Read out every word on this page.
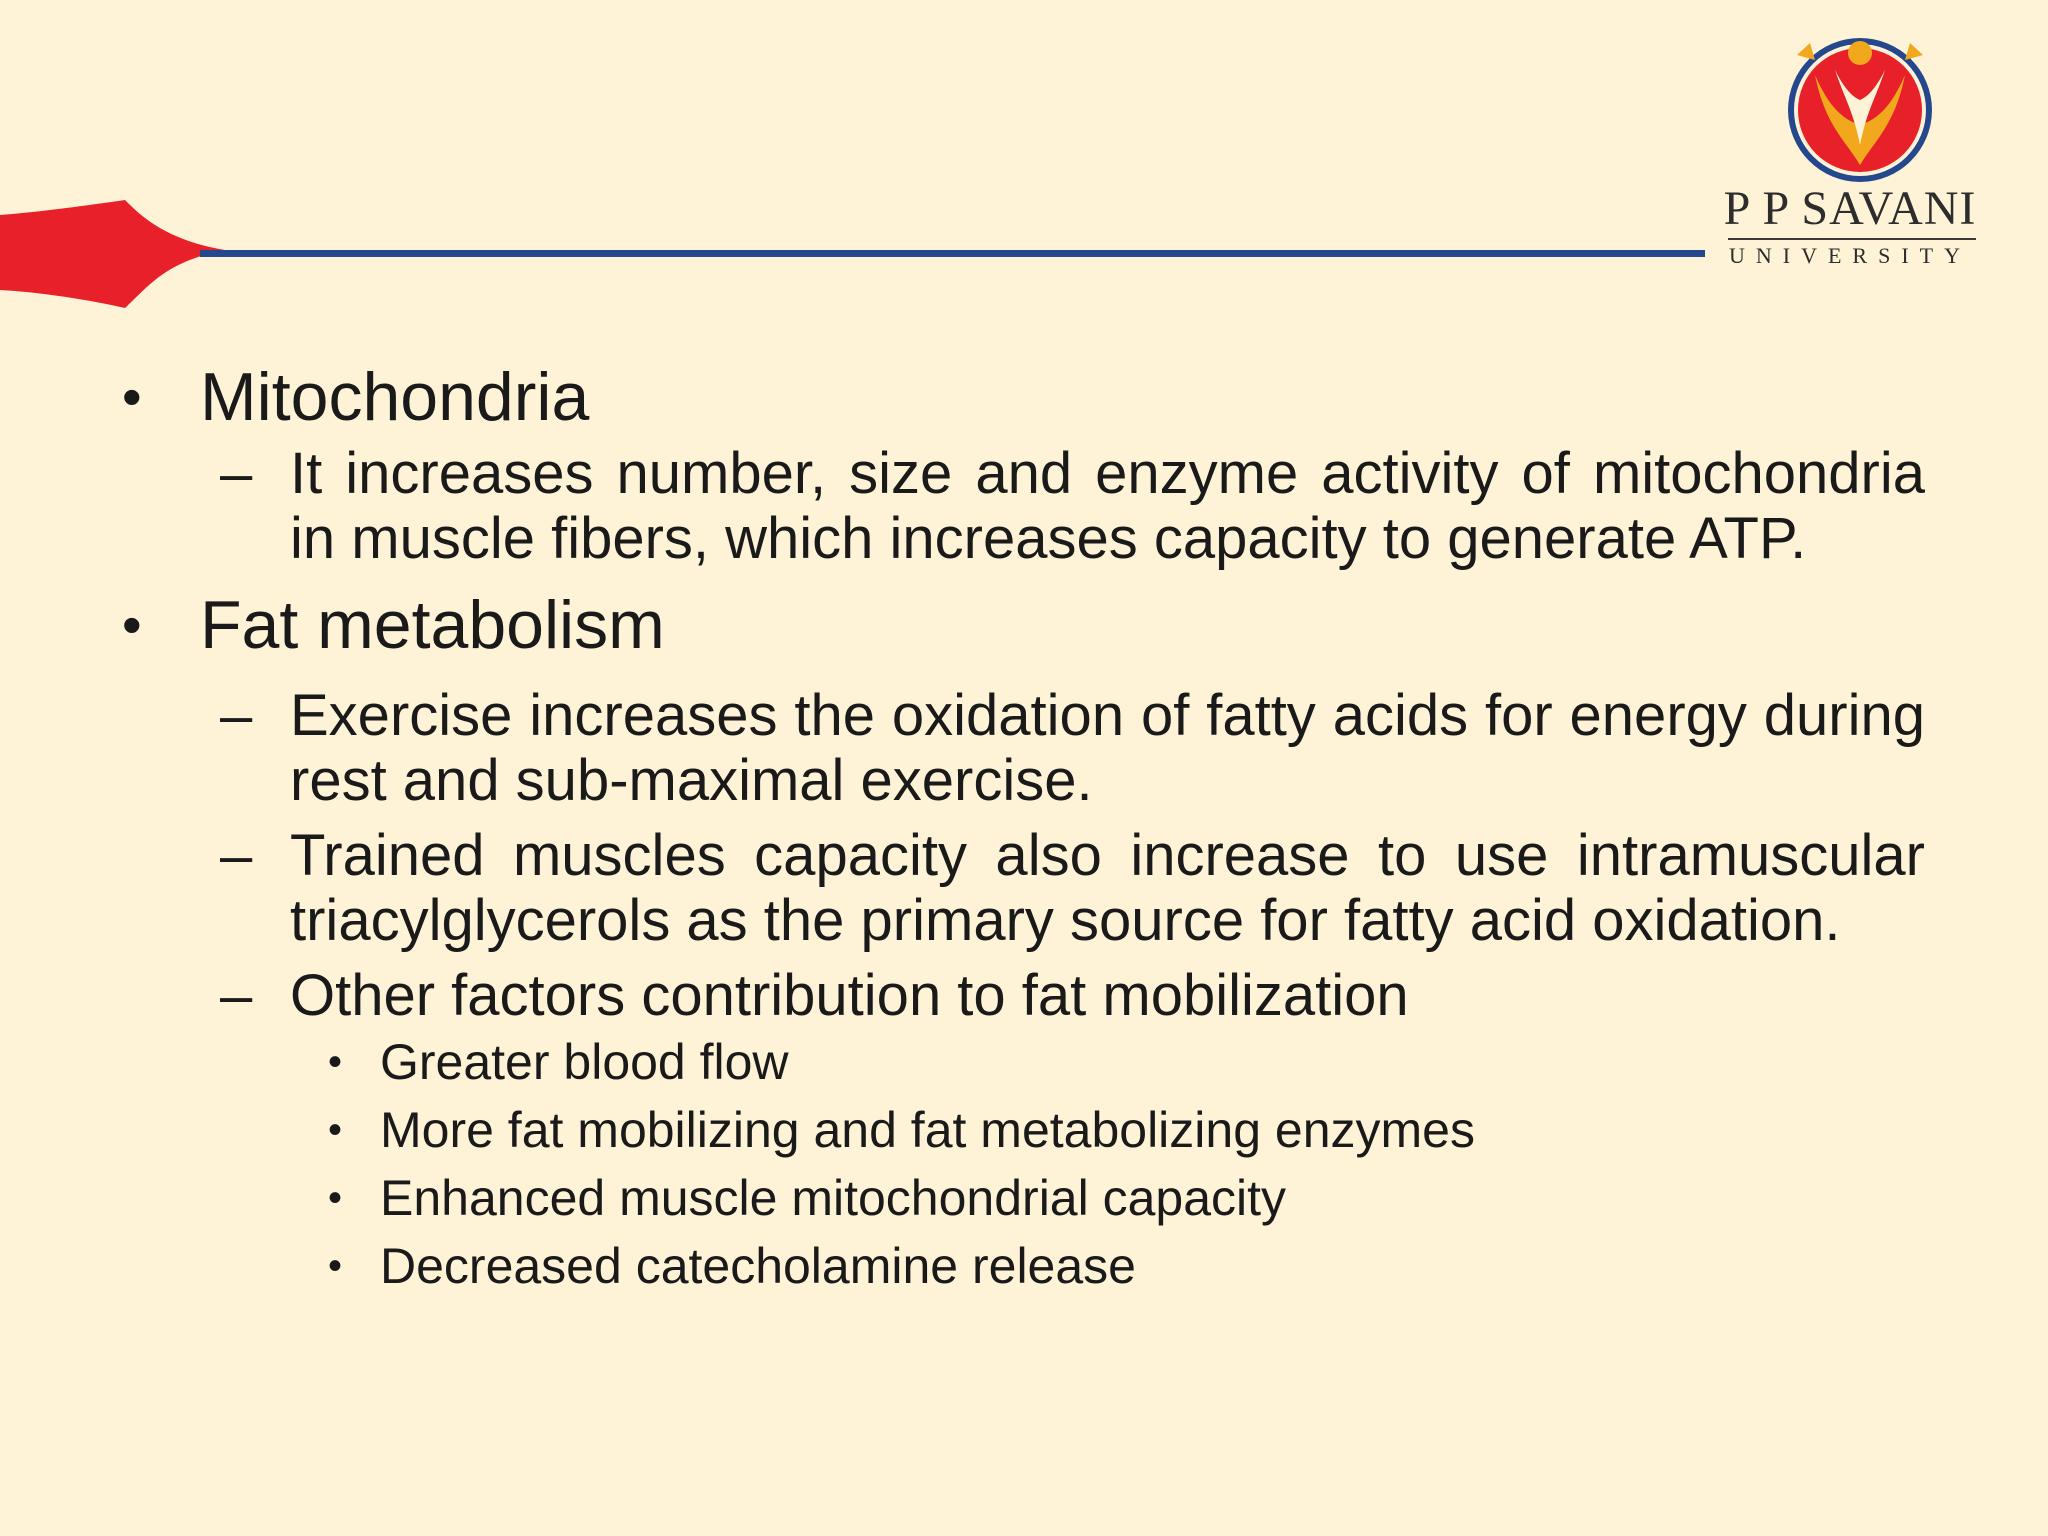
P P SAVANI
UNIVERSITY
• Mitochondria
– It increases number, size and enzyme activity of mitochondria in muscle fibers, which increases capacity to generate ATP.
• Fat metabolism
– Exercise increases the oxidation of fatty acids for energy during rest and sub-maximal exercise.
– Trained muscles capacity also increase to use intramuscular triacylglycerols as the primary source for fatty acid oxidation.
– Other factors contribution to fat mobilization
• Greater blood flow
• More fat mobilizing and fat metabolizing enzymes
• Enhanced muscle mitochondrial capacity
• Decreased catecholamine release
